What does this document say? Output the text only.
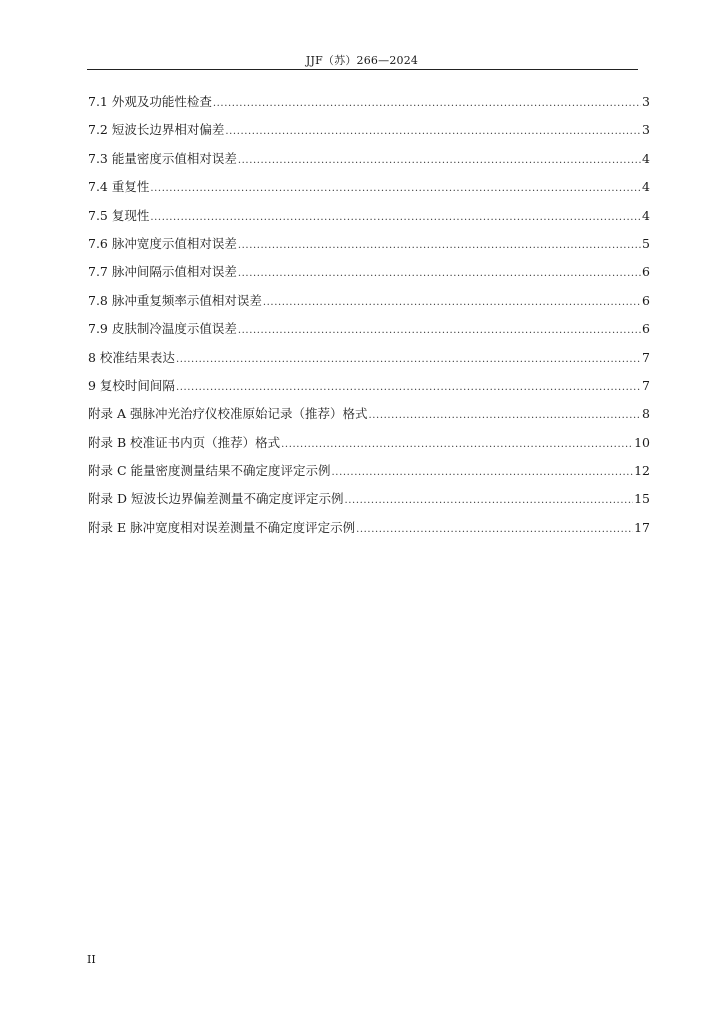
JJF（苏）266—2024
7.1 外观及功能性检查 .....	3
7.2 短波长边界相对偏差 .....	3
7.3 能量密度示值相对误差 .....	4
7.4 重复性 .....	4
7.5 复现性 .....	4
7.6 脉冲宽度示值相对误差 .....	5
7.7 脉冲间隔示值相对误差 .....	6
7.8 脉冲重复频率示值相对误差 .....	6
7.9 皮肤制冷温度示值误差 .....	6
8 校准结果表达 .....	7
9 复校时间间隔 .....	7
附录 A 强脉冲光治疗仪校准原始记录（推荐）格式 .....	8
附录 B 校准证书内页（推荐）格式 .....	10
附录 C 能量密度测量结果不确定度评定示例 .....	12
附录 D 短波长边界偏差测量不确定度评定示例 .....	15
附录 E 脉冲宽度相对误差测量不确定度评定示例 .....	17
II
